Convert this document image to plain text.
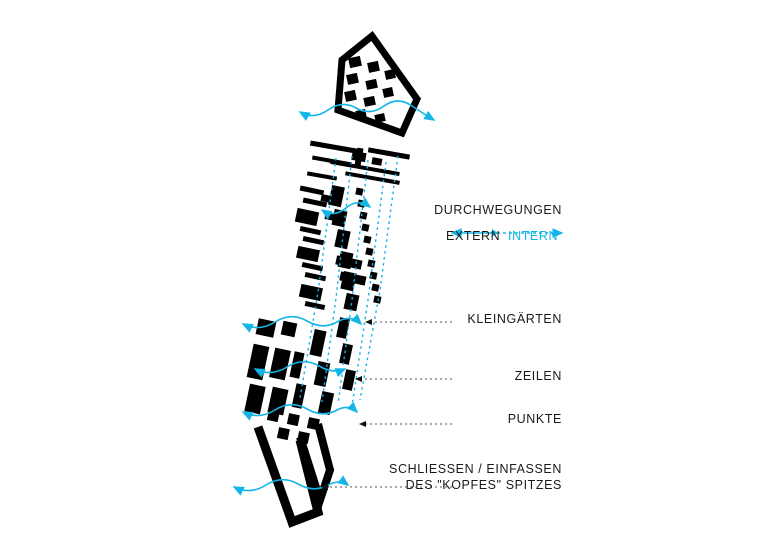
DURCHWEGUNGEN
EXTERN INTERN
KLEINGÄRTEN
ZEILEN
PUNKTE
SCHLIESSEN / EINFASSEN
DES "KOPFES" SPITZES
